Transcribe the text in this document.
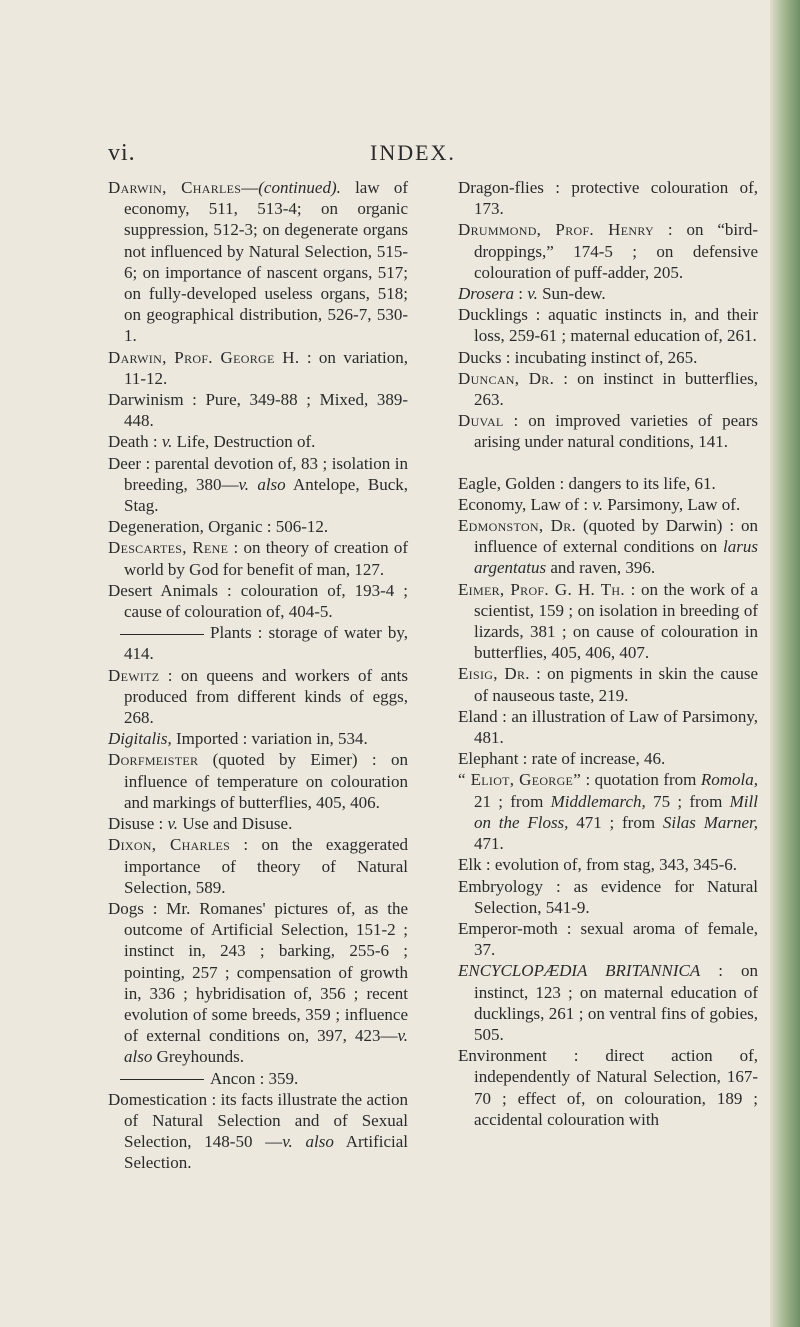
vi.	INDEX.

Darwin, Charles—(continued). law of economy, 511, 513-4; on organic suppression, 512-3; on degenerate organs not influenced by Natural Selection, 515-6; on importance of nascent organs, 517; on fully-developed useless organs, 518; on geographical distribution, 526-7, 530-1.

Darwin, Prof. George H. : on variation, 11-12.

Darwinism : Pure, 349-88 ; Mixed, 389-448.

Death : v. Life, Destruction of.

Deer : parental devotion of, 83 ; isolation in breeding, 380—v. also Antelope, Buck, Stag.

Degeneration, Organic : 506-12.

Descartes, Rene : on theory of creation of world by God for benefit of man, 127.

Desert Animals : colouration of, 193-4 ; cause of colouration of, 404-5.

Plants : storage of water by, 414.

Dewitz : on queens and workers of ants produced from different kinds of eggs, 268.

Digitalis, Imported : variation in, 534.

Dorfmeister (quoted by Eimer) : on influence of temperature on colouration and markings of butterflies, 405, 406.

Disuse : v. Use and Disuse.

Dixon, Charles : on the exaggerated importance of theory of Natural Selection, 589.

Dogs : Mr. Romanes' pictures of, as the outcome of Artificial Selection, 151-2 ; instinct in, 243 ; barking, 255-6 ; pointing, 257 ; compensation of growth in, 336 ; hybridisation of, 356 ; recent evolution of some breeds, 359 ; influence of external conditions on, 397, 423—v. also Greyhounds.

Ancon : 359.

Domestication : its facts illustrate the action of Natural Selection and of Sexual Selection, 148-50 —v. also Artificial Selection.

Dragon-flies : protective colouration of, 173.

Drummond, Prof. Henry : on “bird-droppings,” 174-5 ; on defensive colouration of puff-adder, 205.

Drosera : v. Sun-dew.

Ducklings : aquatic instincts in, and their loss, 259-61 ; maternal education of, 261.

Ducks : incubating instinct of, 265.

Duncan, Dr. : on instinct in butterflies, 263.

Duval : on improved varieties of pears arising under natural conditions, 141.

Eagle, Golden : dangers to its life, 61.

Economy, Law of : v. Parsimony, Law of.

Edmonston, Dr. (quoted by Darwin) : on influence of external conditions on larus argentatus and raven, 396.

Eimer, Prof. G. H. Th. : on the work of a scientist, 159 ; on isolation in breeding of lizards, 381 ; on cause of colouration in butterflies, 405, 406, 407.

Eisig, Dr. : on pigments in skin the cause of nauseous taste, 219.

Eland : an illustration of Law of Parsimony, 481.

Elephant : rate of increase, 46.

“ Eliot, George” : quotation from Romola, 21 ; from Middlemarch, 75 ; from Mill on the Floss, 471 ; from Silas Marner, 471.

Elk : evolution of, from stag, 343, 345-6.

Embryology : as evidence for Natural Selection, 541-9.

Emperor-moth : sexual aroma of female, 37.

ENCYCLOPÆDIA BRITANNICA : on instinct, 123 ; on maternal education of ducklings, 261 ; on ventral fins of gobies, 505.

Environment : direct action of, independently of Natural Selection, 167-70 ; effect of, on colouration, 189 ; accidental colouration with
